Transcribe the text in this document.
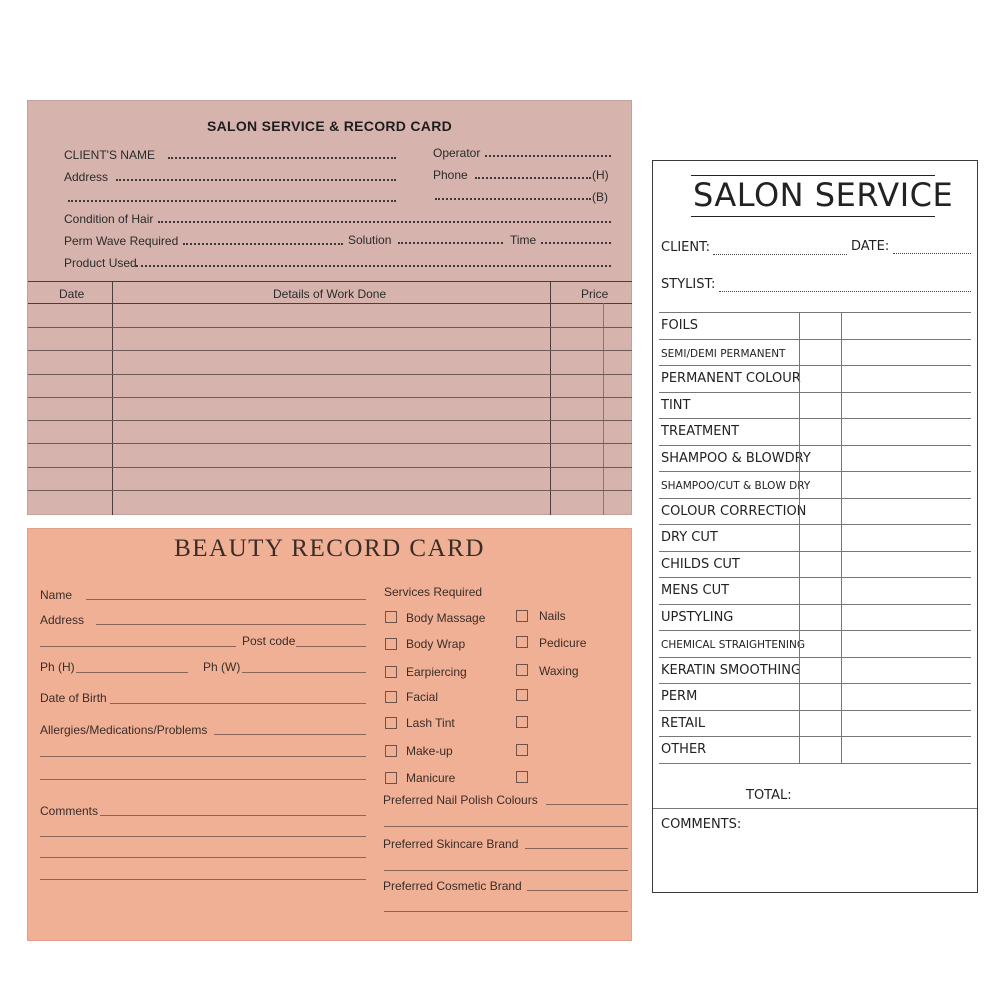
SALON SERVICE & RECORD CARD
CLIENT'S NAME	Operator
Address	Phone	(H)
(B)
Condition of Hair
Perm Wave Required	Solution	Time
Product Used
Date	Details of Work Done	Price
BEAUTY RECORD CARD
Name
Address
Post code
Ph (H)	Ph (W)
Date of Birth
Allergies/Medications/Problems
Comments
Services Required
Body Massage
Body Wrap
Earpiercing
Facial
Lash Tint
Make-up
Manicure
Nails
Pedicure
Waxing
Preferred Nail Polish Colours
Preferred Skincare Brand
Preferred Cosmetic Brand
SALON SERVICE
CLIENT:	DATE:
STYLIST:
TOTAL:
COMMENTS:
FOILS
SEMI/DEMI PERMANENT
PERMANENT COLOUR
TINT
TREATMENT
SHAMPOO & BLOWDRY
SHAMPOO/CUT & BLOW DRY
COLOUR CORRECTION
DRY CUT
CHILDS CUT
MENS CUT
UPSTYLING
CHEMICAL STRAIGHTENING
KERATIN SMOOTHING
PERM
RETAIL
OTHER
